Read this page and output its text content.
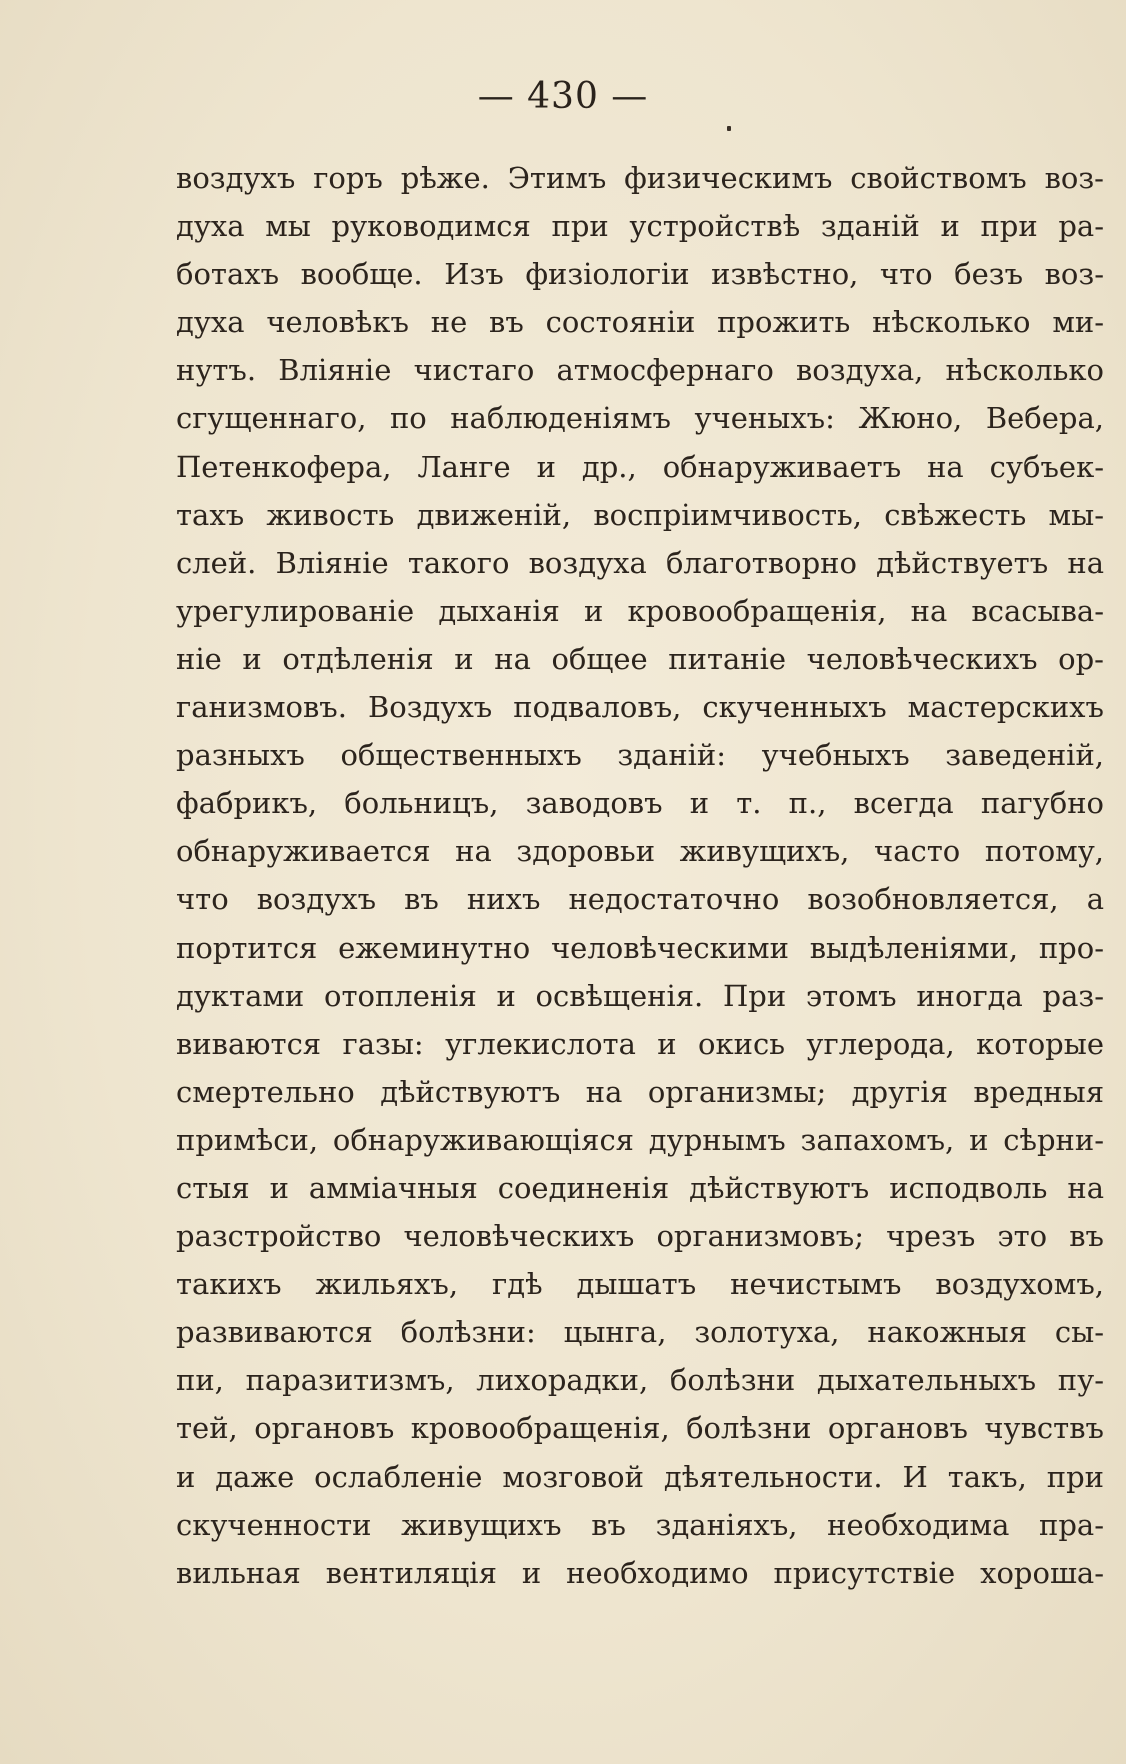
— 430 —
воздухъ горъ рѣже. Этимъ физическимъ свойствомъ воз-
духа мы руководимся при устройствѣ зданій и при ра-
ботахъ вообще. Изъ физіологіи извѣстно, что безъ воз-
духа человѣкъ не въ состояніи прожить нѣсколько ми-
нутъ. Вліяніе чистаго атмосфернаго воздуха, нѣсколько
сгущеннаго, по наблюденіямъ ученыхъ: Жюно, Вебера,
Петенкофера, Ланге и др., обнаруживаетъ на субъек-
тахъ живость движеній, воспріимчивость, свѣжесть мы-
слей. Вліяніе такого воздуха благотворно дѣйствуетъ на
урегулированіе дыханія и кровообращенія, на всасыва-
ніе и отдѣленія и на общее питаніе человѣческихъ ор-
ганизмовъ. Воздухъ подваловъ, скученныхъ мастерскихъ
разныхъ общественныхъ зданій: учебныхъ заведеній,
фабрикъ, больницъ, заводовъ и т. п., всегда пагубно
обнаруживается на здоровьи живущихъ, часто потому,
что воздухъ въ нихъ недостаточно возобновляется, а
портится ежеминутно человѣческими выдѣленіями, про-
дуктами отопленія и освѣщенія. При этомъ иногда раз-
виваются газы: углекислота и окись углерода, которые
смертельно дѣйствуютъ на организмы; другія вредныя
примѣси, обнаруживающіяся дурнымъ запахомъ, и сѣрни-
стыя и аммiачныя соединенія дѣйствуютъ исподволь на
разстройство человѣческихъ организмовъ; чрезъ это въ
такихъ жильяхъ, гдѣ дышатъ нечистымъ воздухомъ,
развиваются болѣзни: цынга, золотуха, накожныя сы-
пи, паразитизмъ, лихорадки, болѣзни дыхательныхъ пу-
тей, органовъ кровообращенія, болѣзни органовъ чувствъ
и даже ослабленіе мозговой дѣятельности. И такъ, при
скученности живущихъ въ зданіяхъ, необходима пра-
вильная вентиляція и необходимо присутствіе хороша-
